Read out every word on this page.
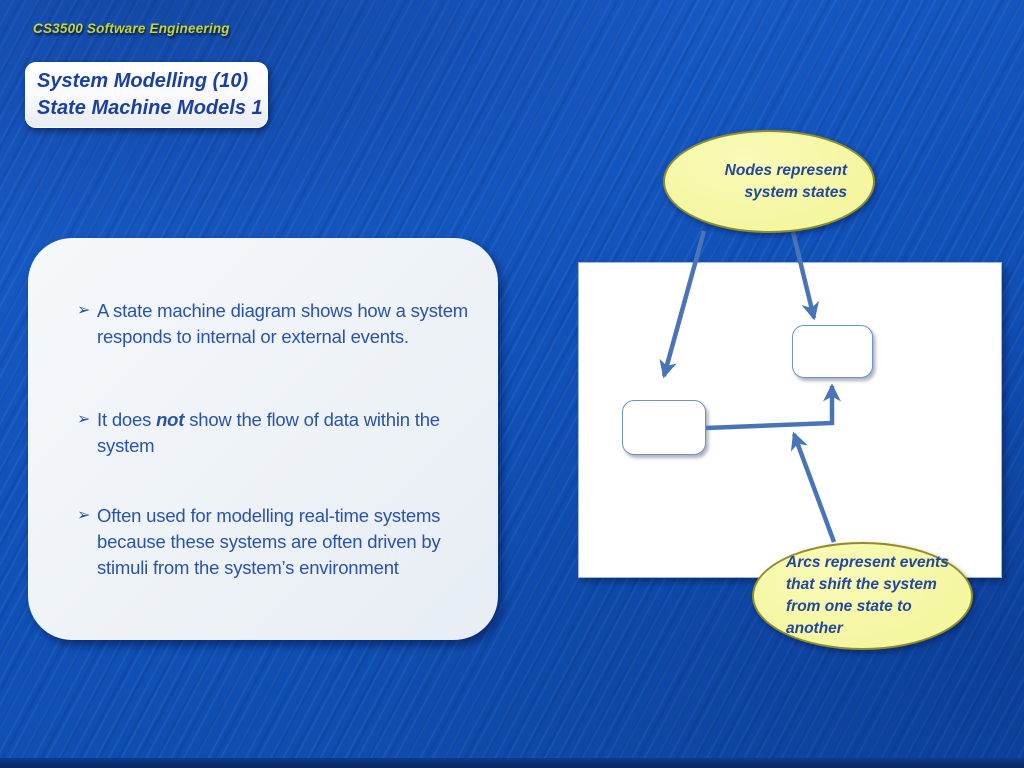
CS3500 Software Engineering
System Modelling (10)
State Machine Models 1
➢ A state machine diagram shows how a system responds to internal or external events.
➢ It does not show the flow of data within the system
➢ Often used for modelling real-time systems because these systems are often driven by stimuli from the system’s environment
Nodes represent system states
Arcs represent events that shift the system from one state to another
